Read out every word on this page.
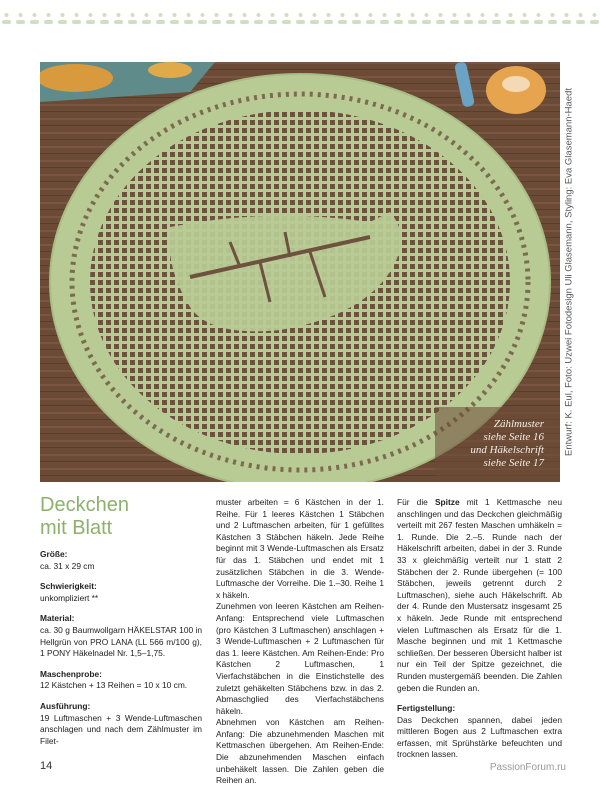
Zählmuster
siehe Seite 16
und Häkelschrift
siehe Seite 17
Entwurf: K. Eul, Foto: Uzwei Fotodesign Uli Glasemann, Styling: Eva Glasemann-Haedt
Deckchen
mit Blatt
Größe:
ca. 31 x 29 cm
Schwierigkeit:
unkompliziert **
Material:
ca. 30 g Baumwollgarn HÄKELSTAR 100 in Hellgrün von PRO LANA (LL 566 m/100 g), 1 PONY Häkelnadel Nr. 1,5–1,75.
Maschenprobe:
12 Kästchen + 13 Reihen = 10 x 10 cm.
Ausführung:
19 Luftmaschen + 3 Wende-Luftmaschen anschlagen und nach dem Zählmuster im Filet-
muster arbeiten = 6 Kästchen in der 1. Reihe. Für 1 leeres Kästchen 1 Stäbchen und 2 Luftmaschen arbeiten, für 1 gefülltes Kästchen 3 Stäbchen häkeln. Jede Reihe beginnt mit 3 Wende-Luftmaschen als Ersatz für das 1. Stäbchen und endet mit 1 zusätzlichen Stäbchen in die 3. Wende-Luftmasche der Vorreihe. Die 1.–30. Reihe 1 x häkeln.
Zunehmen von leeren Kästchen am Reihen-Anfang: Entsprechend viele Luftmaschen (pro Kästchen 3 Luftmaschen) anschlagen + 3 Wende-Luftmaschen + 2 Luftmaschen für das 1. leere Kästchen. Am Reihen-Ende: Pro Kästchen 2 Luftmaschen, 1 Vierfachstäbchen in die Einstichstelle des zuletzt gehäkelten Stäbchens bzw. in das 2. Abmaschglied des Vierfachstäbchens häkeln.
Abnehmen von Kästchen am Reihen-Anfang: Die abzunehmenden Maschen mit Kettmaschen übergehen. Am Reihen-Ende: Die abzunehmenden Maschen einfach unbehäkelt lassen. Die Zahlen geben die Reihen an.
Für die Spitze mit 1 Kettmasche neu anschlingen und das Deckchen gleichmäßig verteilt mit 267 festen Maschen umhäkeln = 1. Runde. Die 2.–5. Runde nach der Häkelschrift arbeiten, dabei in der 3. Runde 33 x gleichmäßig verteilt nur 1 statt 2 Stäbchen der 2. Runde übergehen (= 100 Stäbchen, jeweils getrennt durch 2 Luftmaschen), siehe auch Häkelschrift. Ab der 4. Runde den Mustersatz insgesamt 25 x häkeln. Jede Runde mit entsprechend vielen Luftmaschen als Ersatz für die 1. Masche beginnen und mit 1 Kettmasche schließen. Der besseren Übersicht halber ist nur ein Teil der Spitze gezeichnet, die Runden mustergemäß beenden. Die Zahlen geben die Runden an.
Fertigstellung:
Das Deckchen spannen, dabei jeden mittleren Bogen aus 2 Luftmaschen extra erfassen, mit Sprühstärke befeuchten und trocknen lassen.
14	PassionForum.ru
